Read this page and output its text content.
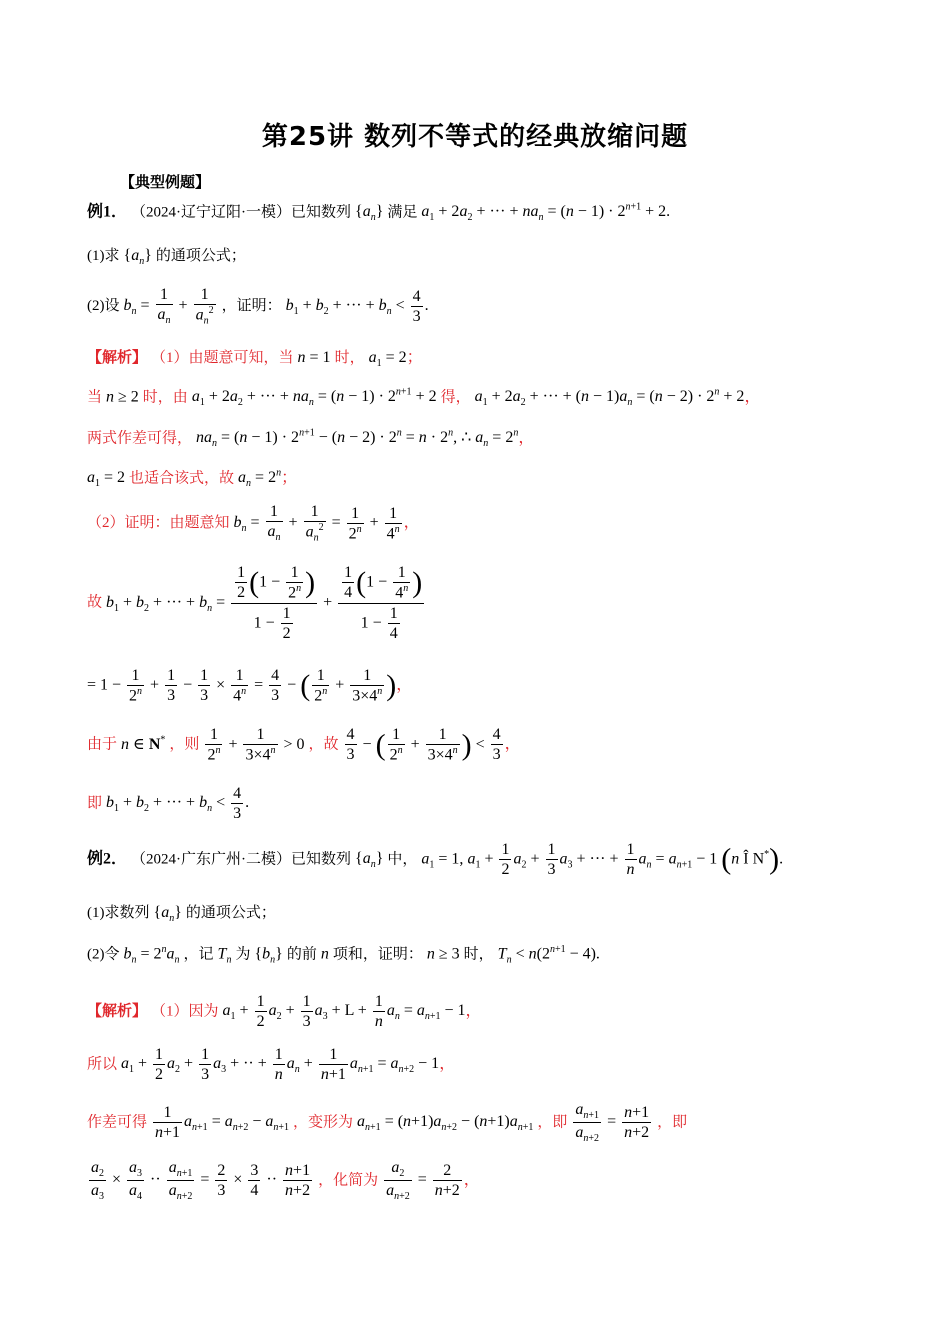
第25讲 数列不等式的经典放缩问题
【典型例题】
例1． （2024·辽宁辽阳·一模）已知数列 $\{a_n\}$ 满足 $a_1 + 2a_2$ + ··· + $na_n = (n - 1) \cdot 2^{n+1} + 2$.
(1)求 $\{a_n\}$ 的通项公式；
(2)设 $b_n = \frac{1}{a_n} + \frac{1}{a_n^2}$ ，证明： $b_1 + b_2$ + ··· + $b_n < \frac{4}{3}$ .
【解析】 （1）由题意可知，当 n = 1 时， $a_1 = 2$；
当 n ≥ 2 时，由 $a_1 + 2a_2$ + ··· + $na_n = (n - 1) \cdot 2^{n+1} + 2$ 得， $a_1 + 2a_2$ + ··· + $(n - 1)a_n = (n - 2) \cdot 2^n + 2$，
两式作差可得， $na_n = (n - 1) \cdot 2^{n+1} - (n - 2) \cdot 2^n = n \cdot 2^n$, ∴ $a_n = 2^n$，
$a_1 = 2$ 也适合该式，故 $a_n = 2^n$；
（2）证明：由题意知 $b_n = \frac{1}{a_n} + \frac{1}{a_n^2} = \frac{1}{2^n} + \frac{1}{4^n}$ ，
故 $b_1 + b_2$ + ··· + $b_n = \frac{\frac{1}{2} (1 - \frac{1}{2^n} )}{1 - \frac{1}{2}} + \frac{\frac{1}{4} (1 - \frac{1}{4^n} )}{1 - \frac{1}{4}}$
= $1 - \frac{1}{2^n} + \frac{1}{3} - \frac{1}{3} \times \frac{1}{4^n} = \frac{4}{3}$ − ( $\frac{1}{2^n} + \frac{1}{3\times 4^n}$ )，
由于 n ∈ N* ，则 $\frac{1}{2^n} + \frac{1}{3\times 4^n} > 0$ ，故 $\frac{4}{3}$ − ( $\frac{1}{2^n} + \frac{1}{3\times 4^n}$ ) < $\frac{4}{3}$ ，
即 $b_1 + b_2$ + ··· + $b_n < \frac{4}{3}$ .
例2． （2024·广东广州·二模）已知数列 $\{a_n\}$ 中， $a_1 = 1$, $a_1 + \frac{1}{2} a_2 + \frac{1}{3} a_3$ + ··· + $\frac{1}{n} a_n = a_{n+1} - 1$ (n Î N*).
(1)求数列 $\{a_n\}$ 的通项公式；
(2)令 $b_n = 2^na_n$ ，记 $T_n$ 为 $\{b_n\}$ 的前 n 项和，证明： n ≥ 3 时， $T_n < n(2^{n+1} - 4)$.
【解析】 （1）因为 $a_1 + \frac{1}{2} a_2 + \frac{1}{3} a_3 + L + \frac{1}{n} a_n = a_{n+1} - 1$，
所以 $a_1 + \frac{1}{2} a_2 + \frac{1}{3} a_3$ + ·· + $\frac{1}{n} a_n + \frac{1}{n+1} a_{n+1} = a_{n+2} - 1$，
作差可得 $\frac{1}{n+1} a_{n+1} = a_{n+2} - a_{n+1}$ ，变形为 $a_{n+1} = (n+1)a_{n+2} - (n+1)a_{n+1}$ ，即 $\frac{a_{n+1}}{a_{n+2}} = \frac{n+1}{n+2}$ ，即
$\frac{a_2}{a_3} \times \frac{a_3}{a_4} \cdot\cdot \frac{a_{n+1}}{a_{n+2}} = \frac{2}{3} \times \frac{3}{4} \cdot\cdot \frac{n+1}{n+2}$ ，化简为 $\frac{a_2}{a_{n+2}} = \frac{2}{n+2}$ ，
